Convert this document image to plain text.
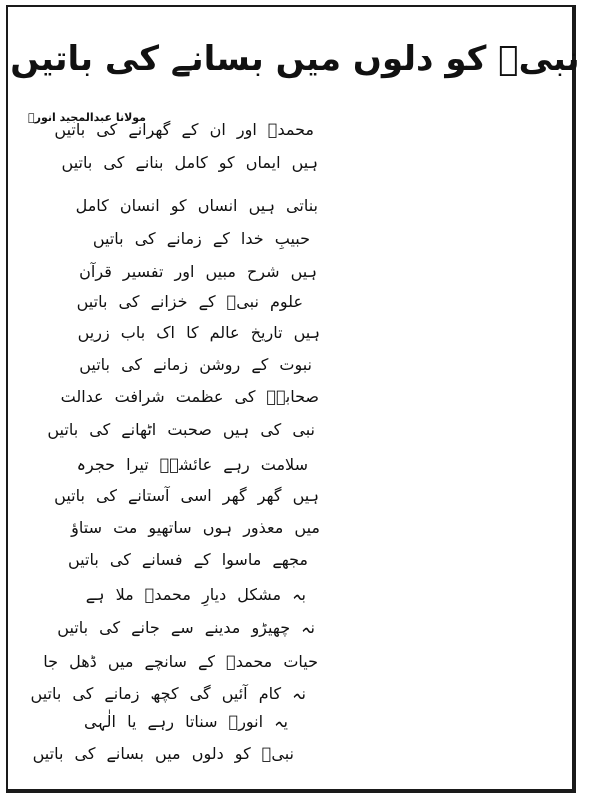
نبیؐ کو دلوں میں بسانے کی باتیں
مولانا عبدالمجید انورؔ
محمدؐ اور ان کے گھرانے کی باتیں
ہیں ایماں کو کامل بنانے کی باتیں
بناتی ہیں انساں کو انسان کامل
حبیبِ خدا کے زمانے کی باتیں
ہیں شرح مبیں اور تفسیر قرآن
علوم نبیؐ کے خزانے کی باتیں
ہیں تاریخ عالم کا اک باب زریں
نبوت کے روشن زمانے کی باتیں
صحابہؓ کی عظمت شرافت عدالت
نبی کی ہیں صحبت اٹھانے کی باتیں
سلامت رہے عائشہؓ تیرا حجرہ
ہیں گھر گھر اسی آستانے کی باتیں
میں معذور ہوں ساتھیو مت ستاؤ
مجھے ماسوا کے فسانے کی باتیں
بہ مشکل دیارِ محمدؐ ملا ہے
نہ چھیڑو مدینے سے جانے کی باتیں
حیات محمدؐ کے سانچے میں ڈھل جا
نہ کام آئیں گی کچھ زمانے کی باتیں
یہ انورؔ سناتا رہے یا الٰہی
نبیؐ کو دلوں میں بسانے کی باتیں
